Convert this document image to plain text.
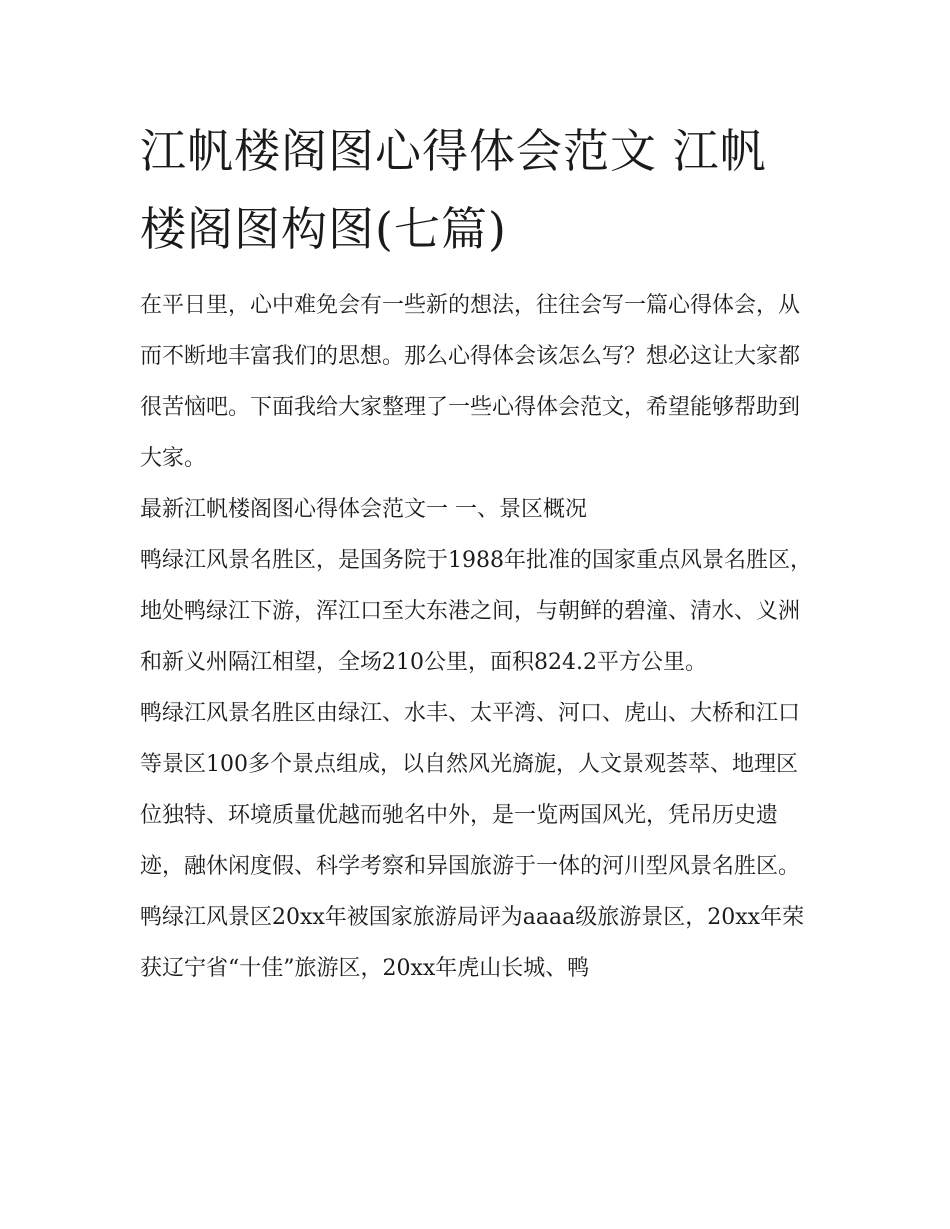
江帆楼阁图心得体会范文 江帆楼阁图构图(七篇)

在平日里，心中难免会有一些新的想法，往往会写一篇心得体会，从而不断地丰富我们的思想。那么心得体会该怎么写？想必这让大家都很苦恼吧。下面我给大家整理了一些心得体会范文，希望能够帮助到大家。

最新江帆楼阁图心得体会范文一 一、景区概况

鸭绿江风景名胜区，是国务院于1988年批准的国家重点风景名胜区，地处鸭绿江下游，浑江口至大东港之间，与朝鲜的碧潼、清水、义洲和新义州隔江相望，全场210公里，面积824.2平方公里。

鸭绿江风景名胜区由绿江、水丰、太平湾、河口、虎山、大桥和江口等景区100多个景点组成，以自然风光旖旎，人文景观荟萃、地理区位独特、环境质量优越而驰名中外，是一览两国风光，凭吊历史遗迹，融休闲度假、科学考察和异国旅游于一体的河川型风景名胜区。

鸭绿江风景区20xx年被国家旅游局评为aaaa级旅游景区，20xx年荣获辽宁省“十佳”旅游区，20xx年虎山长城、鸭
